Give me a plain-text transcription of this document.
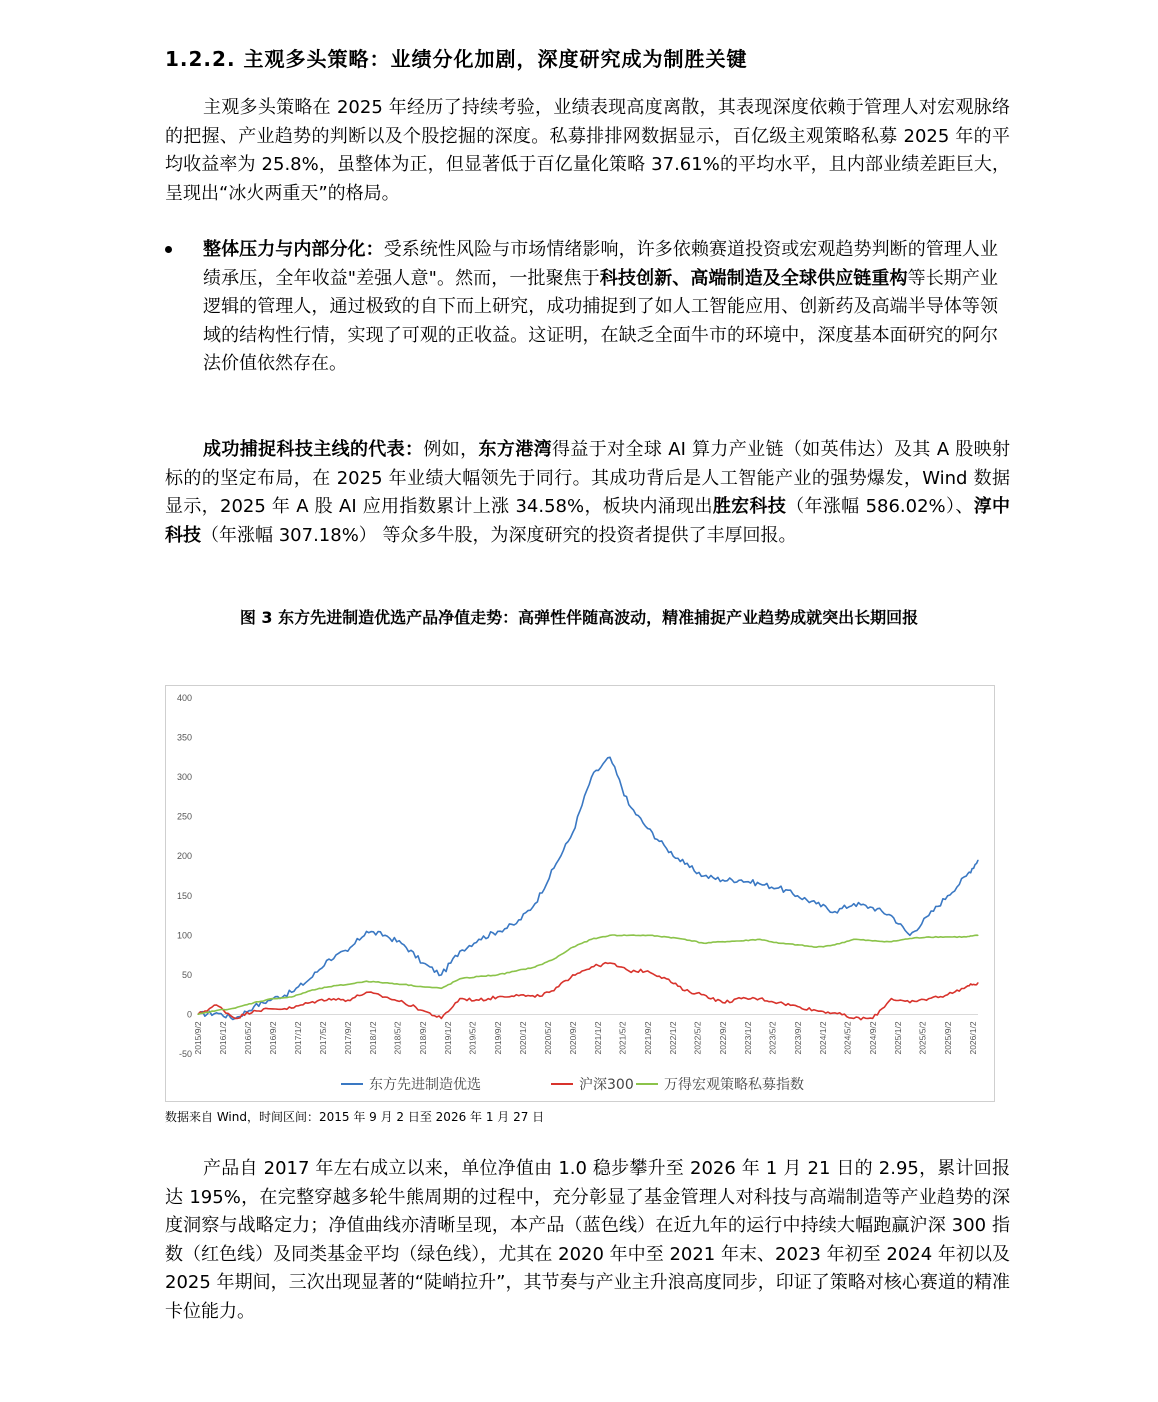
1.2.2. 主观多头策略：业绩分化加剧，深度研究成为制胜关键

主观多头策略在 2025 年经历了持续考验，业绩表现高度离散，其表现深度依赖于管理人对宏观脉络的把握、产业趋势的判断以及个股挖掘的深度。私募排排网数据显示，百亿级主观策略私募 2025 年的平均收益率为 25.8%，虽整体为正，但显著低于百亿量化策略 37.61%的平均水平，且内部业绩差距巨大，呈现出“冰火两重天”的格局。

整体压力与内部分化：受系统性风险与市场情绪影响，许多依赖赛道投资或宏观趋势判断的管理人业绩承压，全年收益"差强人意"。然而，一批聚焦于科技创新、高端制造及全球供应链重构等长期产业逻辑的管理人，通过极致的自下而上研究，成功捕捉到了如人工智能应用、创新药及高端半导体等领域的结构性行情，实现了可观的正收益。这证明，在缺乏全面牛市的环境中，深度基本面研究的阿尔法价值依然存在。

成功捕捉科技主线的代表：例如，东方港湾得益于对全球 AI 算力产业链（如英伟达）及其 A 股映射标的的坚定布局，在 2025 年业绩大幅领先于同行。其成功背后是人工智能产业的强势爆发，Wind 数据显示，2025 年 A 股 AI 应用指数累计上涨 34.58%，板块内涌现出胜宏科技（年涨幅 586.02%）、淳中科技（年涨幅 307.18%） 等众多牛股，为深度研究的投资者提供了丰厚回报。

图 3 东方先进制造优选产品净值走势：高弹性伴随高波动，精准捕捉产业趋势成就突出长期回报

-50
0
50
100
150
200
250
300
350
400
2015/9/2 2016/1/2 2016/5/2 2016/9/2 2017/1/2 2017/5/2 2017/9/2 2018/1/2 2018/5/2 2018/9/2 2019/1/2 2019/5/2 2019/9/2 2020/1/2 2020/5/2 2020/9/2 2021/1/2 2021/5/2 2021/9/2 2022/1/2 2022/5/2 2022/9/2 2023/1/2 2023/5/2 2023/9/2 2024/1/2 2024/5/2 2024/9/2 2025/1/2 2025/5/2 2025/9/2 2026/1/2
东方先进制造优选	沪深300 万得宏观策略私募指数

数据来自 Wind，时间区间：2015 年 9 月 2 日至 2026 年 1 月 27 日

产品自 2017 年左右成立以来，单位净值由 1.0 稳步攀升至 2026 年 1 月 21 日的 2.95，累计回报达 195%，在完整穿越多轮牛熊周期的过程中，充分彰显了基金管理人对科技与高端制造等产业趋势的深度洞察与战略定力；净值曲线亦清晰呈现，本产品（蓝色线）在近九年的运行中持续大幅跑赢沪深 300 指数（红色线）及同类基金平均（绿色线），尤其在 2020 年中至 2021 年末、2023 年初至 2024 年初以及 2025 年期间，三次出现显著的“陡峭拉升”，其节奏与产业主升浪高度同步，印证了策略对核心赛道的精准卡位能力。
